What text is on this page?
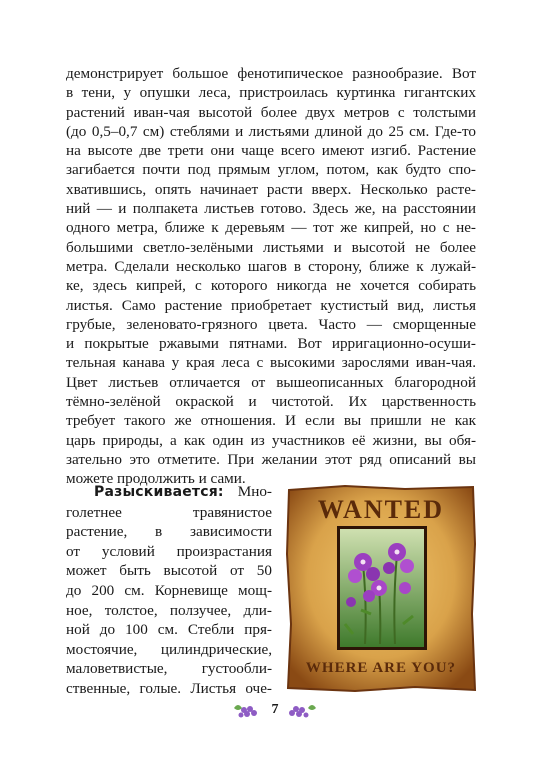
демонстрирует большое фенотипическое разнообразие. Вот
в тени, у опушки леса, пристроилась куртинка гигантских
растений иван-чая высотой более двух метров с толстыми
(до 0,5–0,7 см) стеблями и листьями длиной до 25 см. Где-то
на высоте две трети они чаще всего имеют изгиб. Растение
загибается почти под прямым углом, потом, как будто спо-
хватившись, опять начинает расти вверх. Несколько расте-
ний — и полпакета листьев готово. Здесь же, на расстоянии
одного метра, ближе к деревьям — тот же кипрей, но с не-
большими светло-зелёными листьями и высотой не более
метра. Сделали несколько шагов в сторону, ближе к лужай-
ке, здесь кипрей, с которого никогда не хочется собирать
листья. Само растение приобретает кустистый вид, листья
грубые, зеленовато-грязного цвета. Часто — сморщенные
и покрытые ржавыми пятнами. Вот ирригационно-осуши-
тельная канава у края леса с высокими зарослями иван-чая.
Цвет листьев отличается от вышеописанных благородной
тёмно-зелёной окраской и чистотой. Их царственность
требует такого же отношения. И если вы пришли не как
царь природы, а как один из участников её жизни, вы обя-
зательно это отметите. При желании этот ряд описаний вы
можете продолжить и сами.

Разыскивается: Мно-
голетнее травянистое
растение, в зависимости
от условий произрастания
может быть высотой от 50
до 200 см. Корневище мощ-
ное, толстое, ползучее, дли-
ной до 100 см. Стебли пря-
мостоячие, цилиндрические,
маловетвистые, густообли-
ственные, голые. Листья оче-
WANTED
WHERE ARE YOU?
7
